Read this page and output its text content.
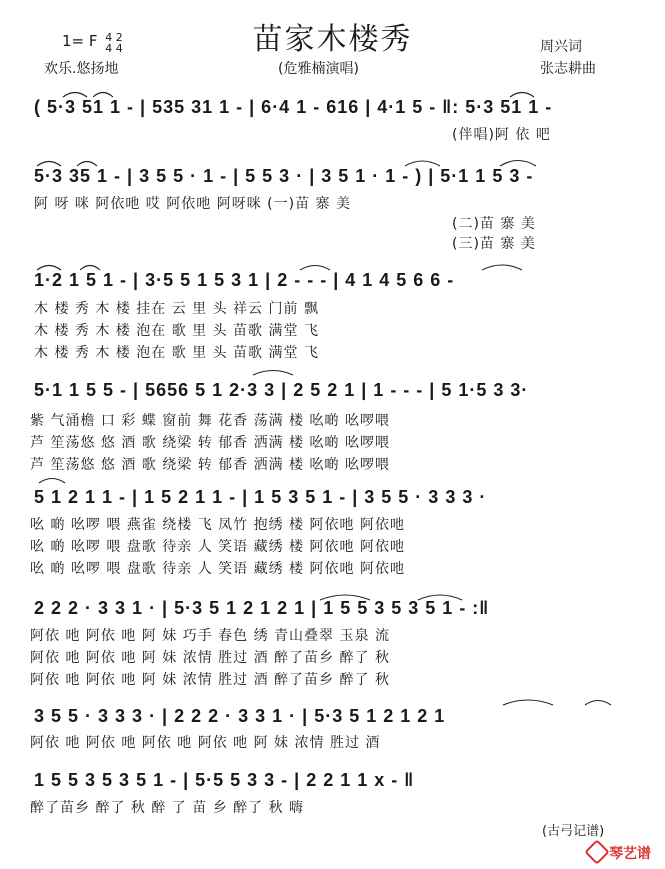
苗家木楼秀
1= F 4 2
4 4	周兴词
欢乐.悠扬地	(危雅楠演唱)	张志耕曲
( 5·3 51 1 - | 535 31 1 - | 6·4 1 - 616 | 4·1 5 - ‖: 5·3 51 1 -
(伴唱)阿 依 吧
5·3 35 1 - | 3 5 5 · 1 - | 5 5 3 · | 3 5 1 · 1 - ) | 5·1 1 5 3 -
阿 呀 咪 阿依吔 哎 阿依吔 阿呀咪 (一)苗 寨 美
(二)苗 寨 美
(三)苗 寨 美
1·2 1 5 1 - | 3·5 5 1 5 3 1 | 2 - - - | 4 1 4 5 6 6 -
木 楼 秀 木 楼 挂在 云 里 头 祥云 门前 飘
木 楼 秀 木 楼 泡在 歌 里 头 苗歌 满堂 飞
木 楼 秀 木 楼 泡在 歌 里 头 苗歌 满堂 飞
5·1 1 5 5 - | 5656 5 1 2·3 3 | 2 5 2 1 | 1 - - - | 5 1·5 3 3·
紫 气涌檐 口 彩 蝶 窗前 舞 花香 荡满 楼 吆啲 吆啰喂
芦 笙荡悠 悠 酒 歌 绕梁 转 郁香 洒满 楼 吆啲 吆啰喂
芦 笙荡悠 悠 酒 歌 绕梁 转 郁香 洒满 楼 吆啲 吆啰喂
5 1 2 1 1 - | 1 5 2 1 1 - | 1 5 3 5 1 - | 3 5 5 · 3 3 3 ·
吆 啲 吆啰 喂 燕雀 绕楼 飞 凤竹 抱绣 楼 阿依吔 阿依吔
吆 啲 吆啰 喂 盘歌 待亲 人 笑语 藏绣 楼 阿依吔 阿依吔
吆 啲 吆啰 喂 盘歌 待亲 人 笑语 藏绣 楼 阿依吔 阿依吔
2 2 2 · 3 3 1 · | 5·3 5 1 2 1 2 1 | 1 5 5 3 5 3 5 1 - :‖
阿依 吔 阿依 吔 阿 妹 巧手 春色 绣 青山叠翠 玉泉 流
阿依 吔 阿依 吔 阿 妹 浓情 胜过 酒 醉了苗乡 醉了 秋
阿依 吔 阿依 吔 阿 妹 浓情 胜过 酒 醉了苗乡 醉了 秋
3 5 5 · 3 3 3 · | 2 2 2 · 3 3 1 · | 5·3 5 1 2 1 2 1
阿依 吔 阿依 吔 阿依 吔 阿依 吔 阿 妹 浓情 胜过 酒
1 5 5 3 5 3 5 1 - | 5·5 5 3 3 - | 2 2 1 1 x - ‖
醉了苗乡 醉了 秋 醉 了 苗 乡 醉了 秋 嗨
(古弓记谱)
琴艺谱
